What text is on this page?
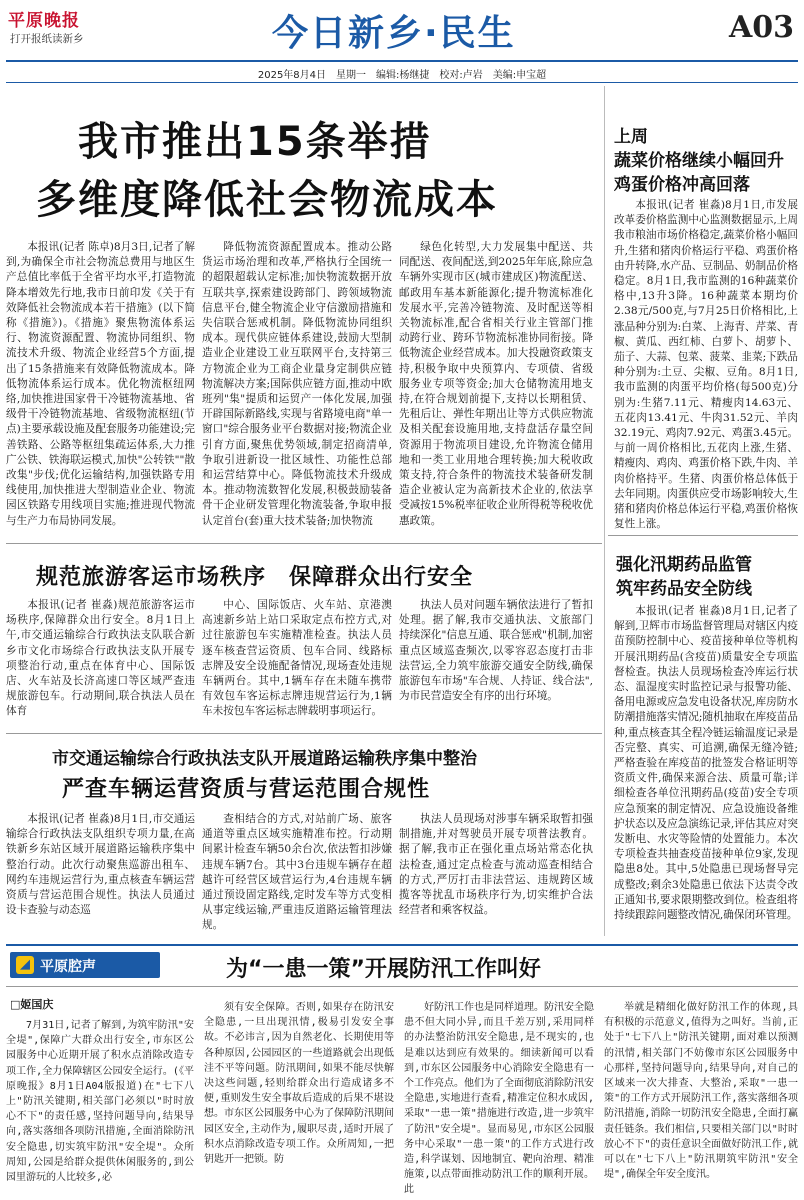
平原晚报
打开报纸读新乡	今日新乡·民生	A03
2025年8月4日　星期一　编辑:杨继捷　校对:卢岩　美编:申宝超
我市推出15条举措
多维度降低社会物流成本

本报讯(记者 陈卓)8月3日,记者了解到,为确保全市社会物流总费用与地区生产总值比率低于全省平均水平,打造物流降本增效先行地,我市日前印发《关于有效降低社会物流成本若干措施》(以下简称《措施》)。《措施》聚焦物流体系运行、物流资源配置、物流协同组织、物流技术升级、物流企业经营5个方面,提出了15条措施来有效降低物流成本。降低物流体系运行成本。优化物流枢纽网络,加快推进国家骨干冷链物流基地、省级骨干冷链物流基地、省级物流枢纽(节点)主要承载设施及配套服务功能建设;完善铁路、公路等枢纽集疏运体系,大力推广公铁、铁海联运模式,加快"公转铁""散改集"步伐;优化运输结构,加强铁路专用线使用,加快推进大型制造业企业、物流园区铁路专用线项目实施;推进现代物流与生产力布局协同发展。

降低物流资源配置成本。推动公路货运市场治理和改革,严格执行全国统一的超限超载认定标准;加快物流数据开放互联共享,探索建设跨部门、跨领域物流信息平台,健全物流企业守信激励措施和失信联合惩戒机制。降低物流协同组织成本。现代供应链体系建设,鼓励大型制造业企业建设工业互联网平台,支持第三方物流企业为工商企业量身定制供应链物流解决方案;国际供应链方面,推动中欧班列"集"提质和运贸产一体化发展,加强开辟国际新路线,实现与省路境电商"单一窗口"综合服务业平台数据对接;物流企业引育方面,聚焦优势领域,制定招商清单,争取引进新设一批区域性、功能性总部和运营结算中心。降低物流技术升级成本。推动物流数智化发展,积极鼓励装备骨干企业研发管理化物流装备,争取申报认定首台(套)重大技术装备;加快物流

绿色化转型,大力发展集中配送、共同配送、夜间配送,到2025年年底,除应急车辆外实现市区(城市建成区)物流配送、邮政用车基本新能源化;提升物流标准化发展水平,完善冷链物流、及时配送等相关物流标准,配合省相关行业主管部门推动跨行业、跨环节物流标准协同衔接。降低物流企业经营成本。加大投融资政策支持,积极争取中央预算内、专项债、省级服务业专项等资金;加大仓储物流用地支持,在符合规划前提下,支持以长期租赁、先租后让、弹性年期出让等方式供应物流及相关配套设施用地,支持盘活存量空间资源用于物流项目建设,允许物流仓储用地和一类工业用地合理转换;加大税收政策支持,符合条件的物流技术装备研发制造企业被认定为高新技术企业的,依法享受减按15%税率征收企业所得税等税收优惠政策。

上周
蔬菜价格继续小幅回升
鸡蛋价格冲高回落

本报讯(记者 崔淼)8月1日,市发展改革委价格监测中心监测数据显示,上周我市粮油市场价格稳定,蔬菜价格小幅回升,生猪和猪肉价格运行平稳、鸡蛋价格由升转降,水产品、豆制品、奶制品价格稳定。8月1日,我市监测的16种蔬菜价格中,13升3降。16种蔬菜本期均价2.38元/500克,与7月25日价格相比,上涨品种分别为:白菜、上海青、芹菜、青椒、黄瓜、西红柿、白萝卜、胡萝卜、茄子、大蒜、包菜、菠菜、韭菜;下跌品种分别为:土豆、尖椒、豆角。8月1日,我市监测的肉蛋平均价格(每500克)分别为:生猪7.11元、精瘦肉14.63元、五花肉13.41元、牛肉31.52元、羊肉32.19元、鸡肉7.92元、鸡蛋3.45元。与前一周价格相比,五花肉上涨,生猪、精瘦肉、鸡肉、鸡蛋价格下跌,牛肉、羊肉价格持平。生猪、肉蛋价格总体低于去年同期。肉蛋供应受市场影响较大,生猪和猪肉价格总体运行平稳,鸡蛋价格恢复性上涨。

规范旅游客运市场秩序　保障群众出行安全

本报讯(记者 崔淼)规范旅游客运市场秩序,保障群众出行安全。8月1日上午,市交通运输综合行政执法支队联合新乡市文化市场综合行政执法支队开展专项整治行动,重点在体育中心、国际饭店、火车站及长济高速口等区域严查违规旅游包车。行动期间,联合执法人员在体育

中心、国际饭店、火车站、京港澳高速新乡站上站口采取定点布控方式,对过往旅游包车实施精准检查。执法人员逐车核查营运资质、包车合同、线路标志牌及安全设施配备情况,现场查处违规车辆两台。其中,1辆车存在未随车携带有效包车客运标志牌违规营运行为,1辆车未按包车客运标志牌载明事项运行。

执法人员对问题车辆依法进行了暂扣处理。据了解,我市交通执法、文旅部门持续深化"信息互通、联合惩戒"机制,加密重点区域巡查频次,以零容忍态度打击非法营运,全力筑牢旅游交通安全防线,确保旅游包车市场"车合规、人持证、线合法",为市民营造安全有序的出行环境。

强化汛期药品监管
筑牢药品安全防线

本报讯(记者 崔淼)8月1日,记者了解到,卫辉市市场监督管理局对辖区内疫苗预防控制中心、疫苗接种单位等机构开展汛期药品(含疫苗)质量安全专项监督检查。执法人员现场检查冷库运行状态、温湿度实时监控记录与报警功能、备用电源或应急发电设备状况,库房防水防潮措施落实情况;随机抽取在库疫苗品种,重点核查其全程冷链运输温度记录是否完整、真实、可追溯,确保无缝冷链;严格查验在库疫苗的批签发合格证明等资质文件,确保来源合法、质量可靠;详细检查各单位汛期药品(疫苗)安全专项应急预案的制定情况、应急设施设备维护状态以及应急演练记录,评估其应对突发断电、水灾等险情的处置能力。本次专项检查共抽查疫苗接种单位9家,发现隐患8处。其中,5处隐患已现场督导完成整改;剩余3处隐患已依法下达责令改正通知书,要求限期整改到位。检查组将持续跟踪问题整改情况,确保闭环管理。

市交通运输综合行政执法支队开展道路运输秩序集中整治
严查车辆运营资质与营运范围合规性

本报讯(记者 崔淼)8月1日,市交通运输综合行政执法支队组织专项力量,在高铁新乡东站区域开展道路运输秩序集中整治行动。此次行动聚焦巡游出租车、网约车违规运营行为,重点核查车辆运营资质与营运范围合规性。执法人员通过设卡查验与动态巡

查相结合的方式,对站前广场、旅客通道等重点区域实施精准布控。行动期间累计检查车辆50余台次,依法暂扣涉嫌违规车辆7台。其中3台违规车辆存在超越许可经营区域营运行为,4台违规车辆通过预设固定路线,定时发车等方式变相从事定线运输,严重违反道路运输管理法规。

执法人员现场对涉事车辆采取暂扣强制措施,并对驾驶员开展专项普法教育。据了解,我市正在强化重点场站常态化执法检查,通过定点检查与流动巡查相结合的方式,严厉打击非法营运、违规跨区域揽客等扰乱市场秩序行为,切实维护合法经营者和乘客权益。

◢ 平原腔声	为“一患一策”开展防汛工作叫好
□姬国庆

7月31日,记者了解到,为筑牢防汛"安全堤",保障广大群众出行安全,市东区公园服务中心近期开展了积水点消除改造专项工作,全力保障辖区公园安全运行。(《平原晚报》8月1日A04版报道)在"七下八上"防汛关键期,相关部门必须以"时时放心不下"的责任感,坚持问题导向,结果导向,落实落细各项防汛措施,全面消除防汛安全隐患,切实筑牢防汛"安全堤"。众所周知,公园是给群众提供休闲服务的,到公园里游玩的人比较多,必

须有安全保障。否则,如果存在防汛安全隐患,一旦出现汛情,极易引发安全事故。不必讳言,因为自然老化、长期使用等各种原因,公园园区的一些道路就会出现低洼不平等问题。防汛期间,如果不能尽快解决这些问题,轻则给群众出行造成诸多不便,重则发生安全事故后造成的后果不堪设想。市东区公园服务中心为了保障防汛期间园区安全,主动作为,履职尽责,适时开展了积水点消除改造专项工作。众所周知,一把钥匙开一把锁。防

好防汛工作也是同样道理。防汛安全隐患不但大同小异,而且千差万别,采用同样的办法整治防汛安全隐患,是不现实的,也是难以达到应有效果的。细读新闻可以看到,市东区公园服务中心消除安全隐患有一个工作亮点。他们为了全面彻底消除防汛安全隐患,实地进行查看,精准定位积水成因,采取"一患一策"措施进行改造,进一步筑牢了防汛"安全堤"。显而易见,市东区公园服务中心采取"一患一策"的工作方式进行改造,科学谋划、因地制宜、靶向治理、精准施策,以点带面推动防汛工作的顺利开展。此

举就是精细化做好防汛工作的体现,具有积极的示范意义,值得为之叫好。当前,正处于"七下八上"防汛关键期,面对难以预测的汛情,相关部门不妨像市东区公园服务中心那样,坚持问题导向,结果导向,对自己的区域来一次大排查、大整治,采取"一患一策"的工作方式开展防汛工作,落实落细各项防汛措施,消除一切防汛安全隐患,全面打赢责任链条。我们相信,只要相关部门以"时时放心不下"的责任意识全面做好防汛工作,就可以在"七下八上"防汛期筑牢防汛"安全堤",确保全年安全度汛。
